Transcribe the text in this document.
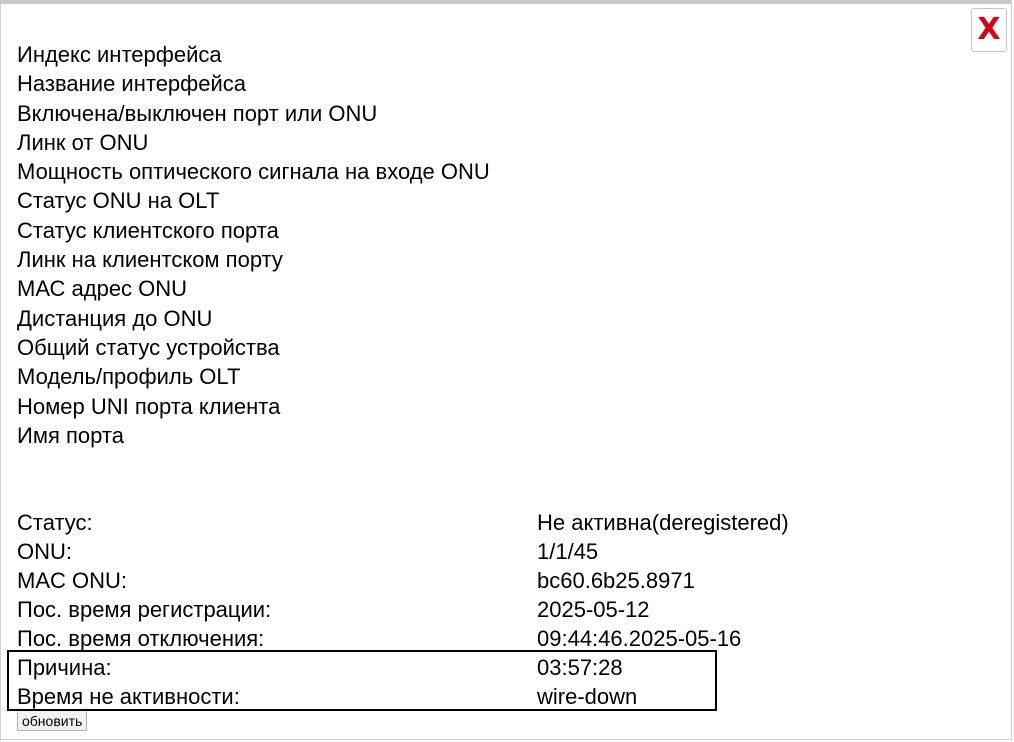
X
Индекс интерфейса
Название интерфейса
Включена/выключен порт или ONU
Линк от ONU
Мощность оптического сигнала на входе ONU
Статус ONU на OLT
Статус клиентского порта
Линк на клиентском порту
МАС адрес ONU
Дистанция до ONU
Общий статус устройства
Модель/профиль OLT
Номер UNI порта клиента
Имя порта
Статус:	Не активна(deregistered)
ONU:	1/1/45
MAC ONU:	bc60.6b25.8971
Пос. время регистрации:	2025-05-12
Пос. время отключения:	09:44:46.2025-05-16
Причина:	03:57:28
Время не активности:	wire-down
обновить
